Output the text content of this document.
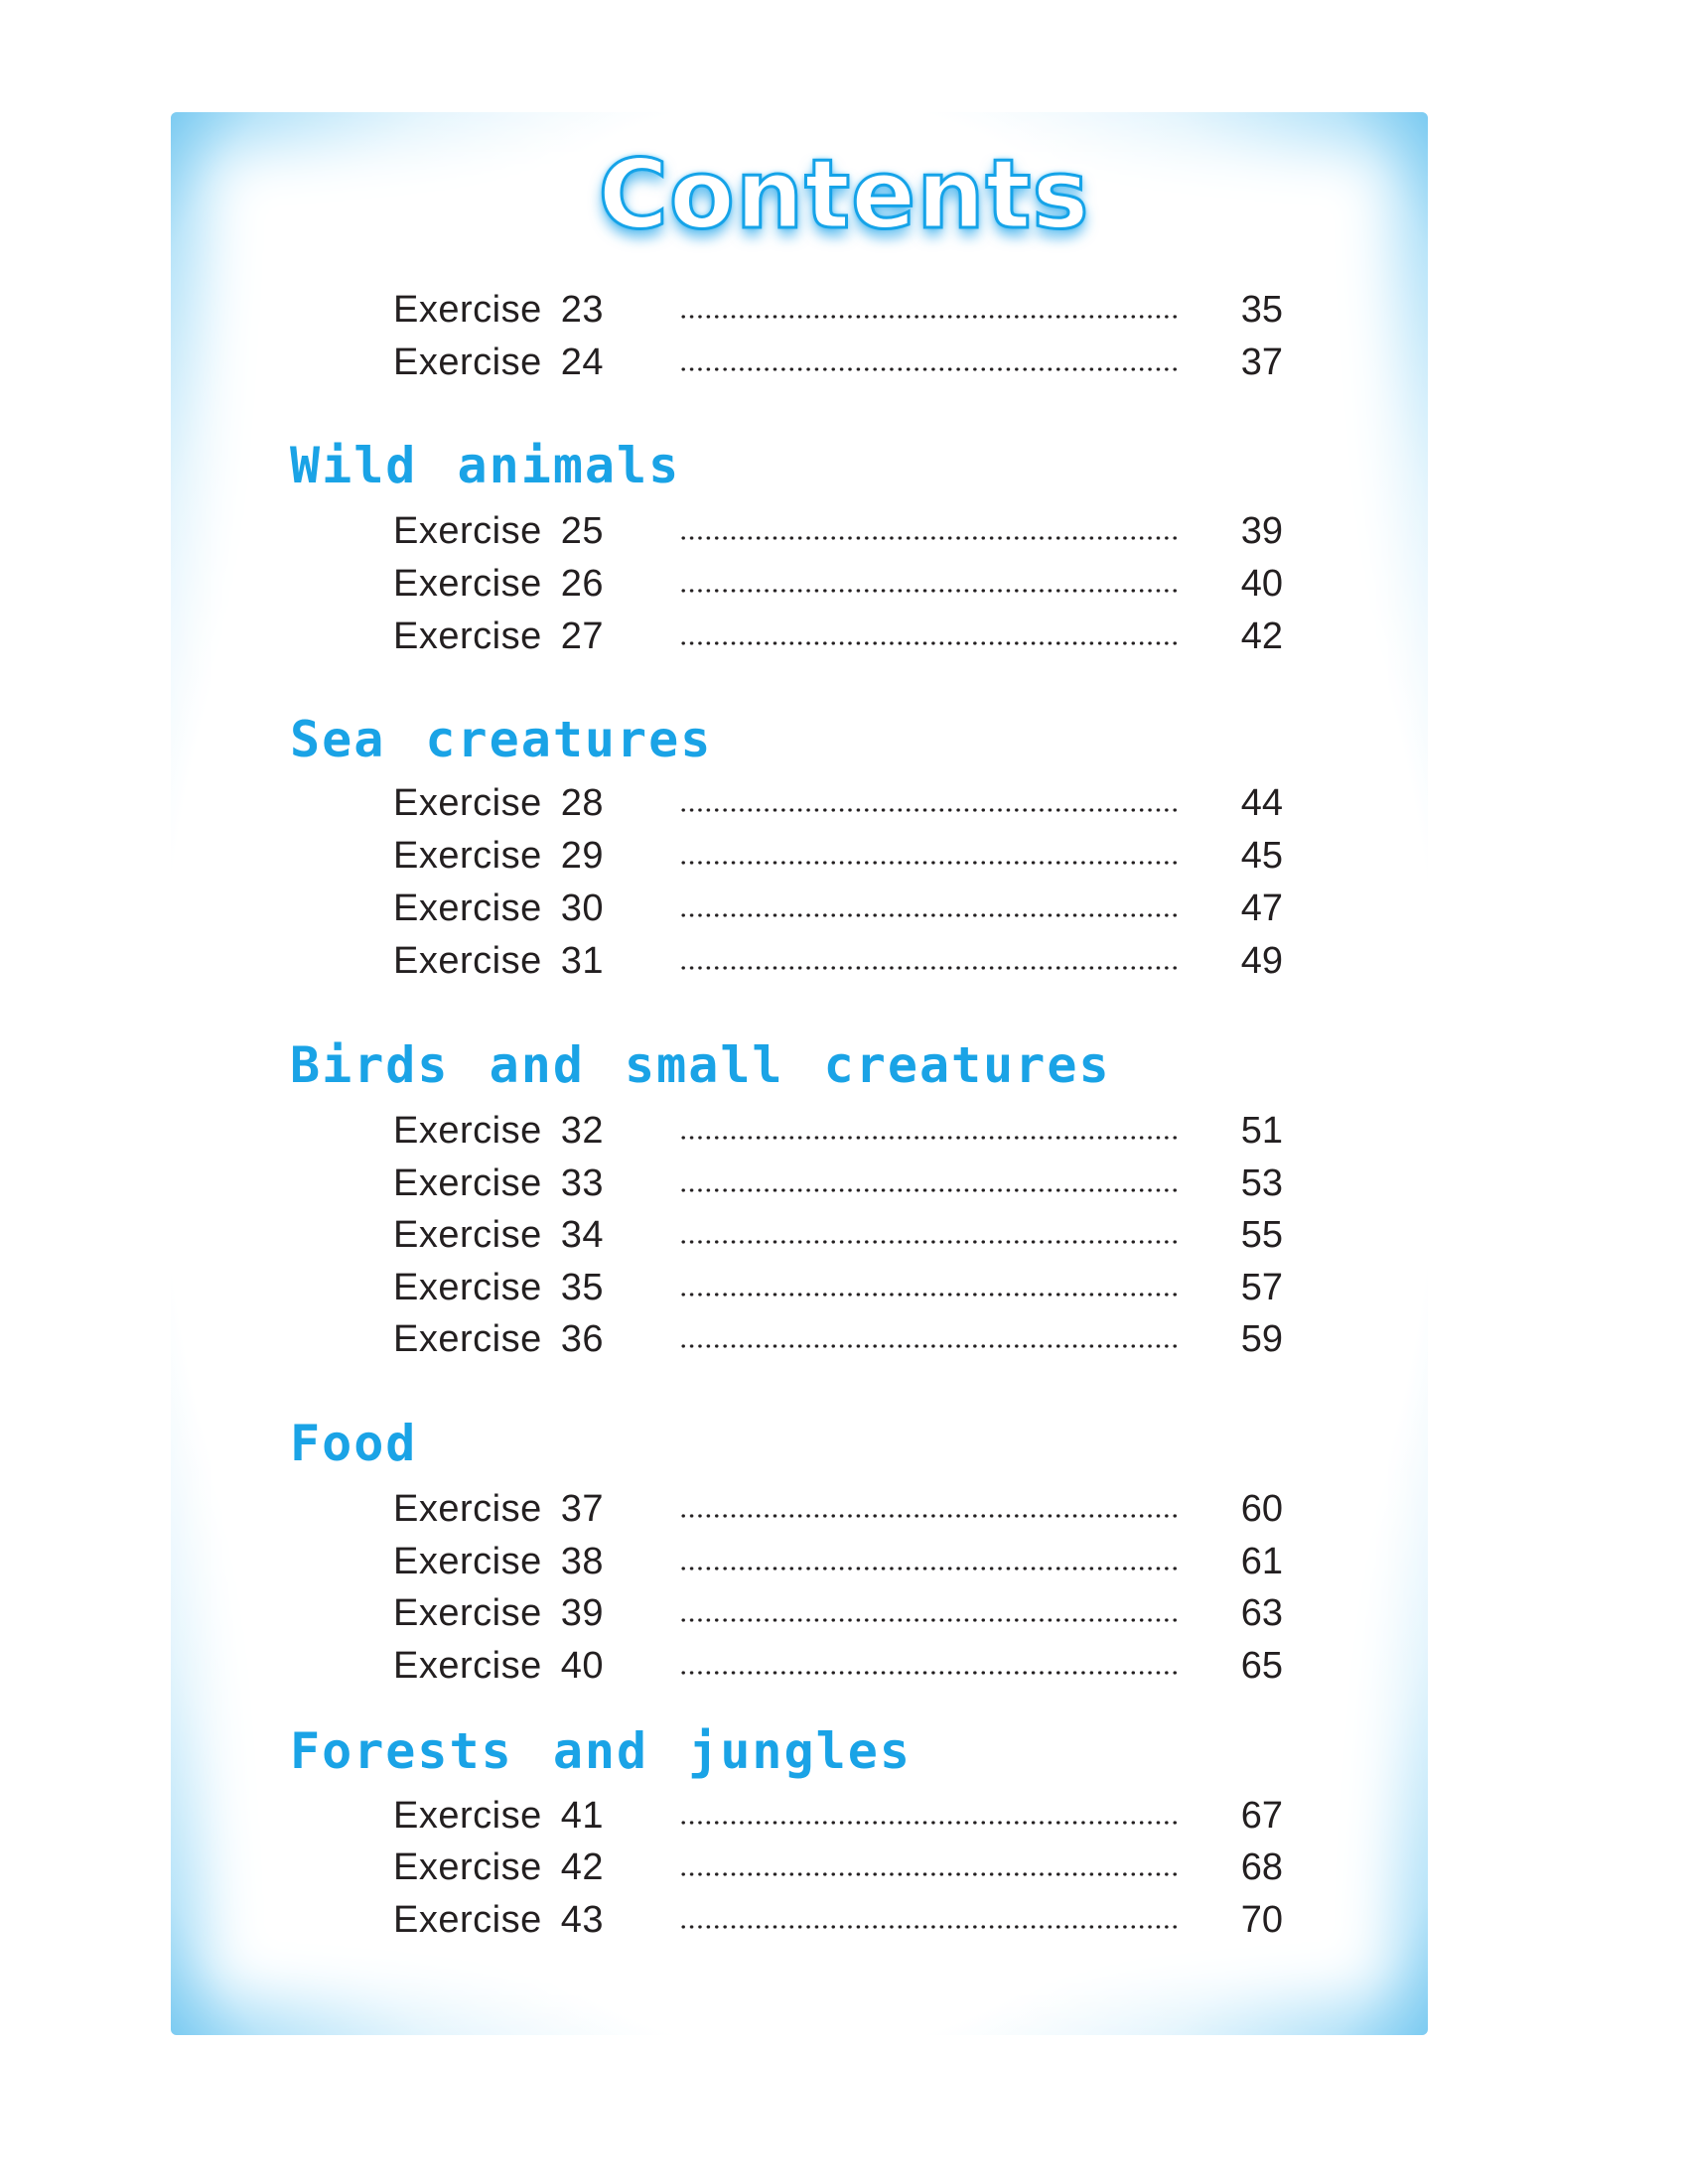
Contents
Exercise 23	35
Exercise 24	37
Wild animals
Exercise 25	39
Exercise 26	40
Exercise 27	42
Sea creatures
Exercise 28	44
Exercise 29	45
Exercise 30	47
Exercise 31	49
Birds and small creatures
Exercise 32	51
Exercise 33	53
Exercise 34	55
Exercise 35	57
Exercise 36	59
Food
Exercise 37	60
Exercise 38	61
Exercise 39	63
Exercise 40	65
Forests and jungles
Exercise 41	67
Exercise 42	68
Exercise 43	70
